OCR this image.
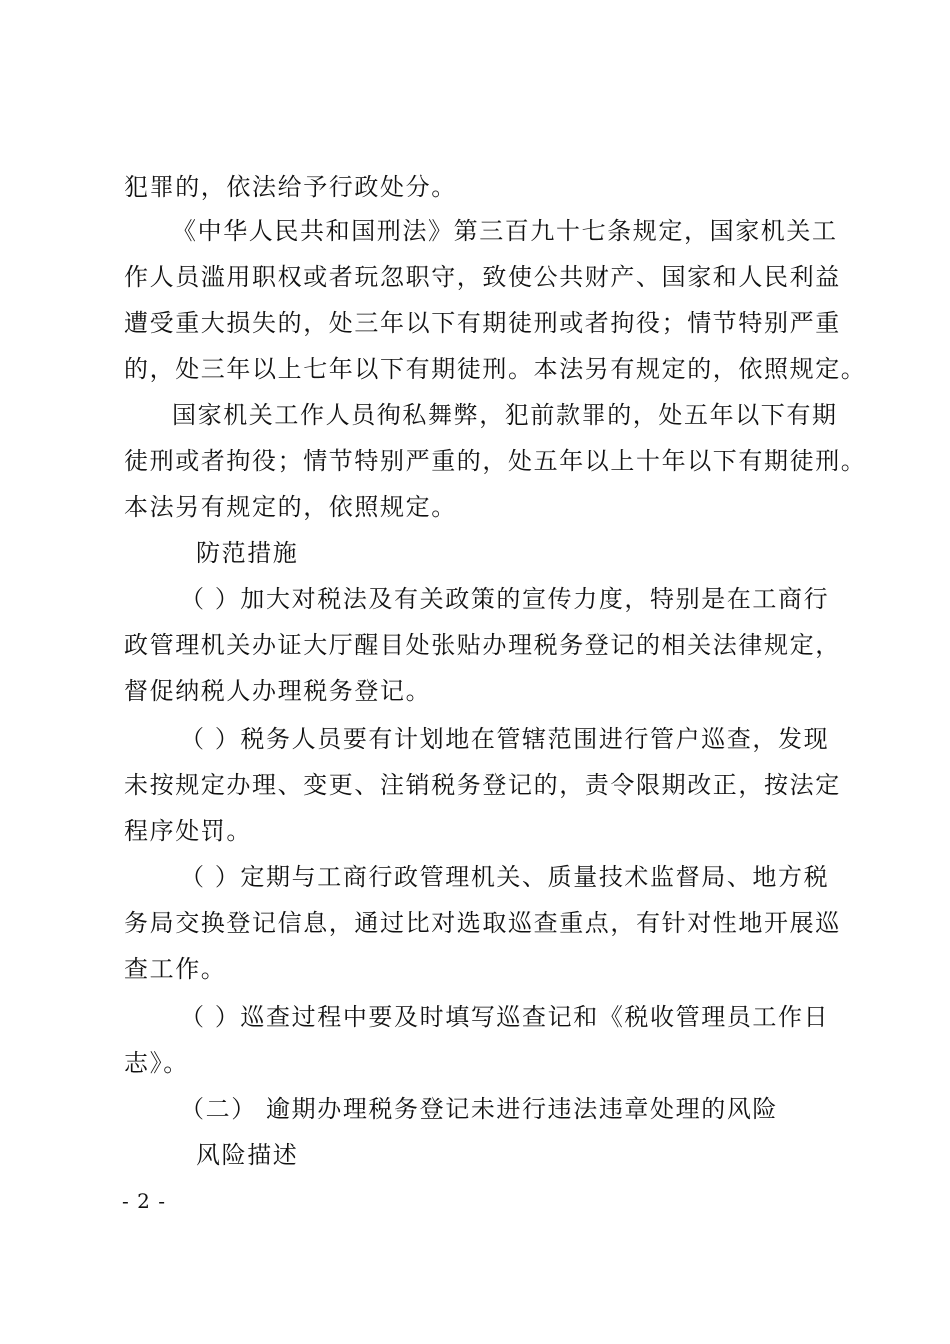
犯罪的，依法给予行政处分。
《中华人民共和国刑法》第三百九十七条规定，国家机关工
作人员滥用职权或者玩忽职守，致使公共财产、国家和人民利益
遭受重大损失的，处三年以下有期徒刑或者拘役；情节特别严重
的，处三年以上七年以下有期徒刑。本法另有规定的，依照规定。
国家机关工作人员徇私舞弊，犯前款罪的，处五年以下有期
徒刑或者拘役；情节特别严重的，处五年以上十年以下有期徒刑。
本法另有规定的，依照规定。
防范措施
（ ）加大对税法及有关政策的宣传力度，特别是在工商行
政管理机关办证大厅醒目处张贴办理税务登记的相关法律规定，
督促纳税人办理税务登记。
（ ）税务人员要有计划地在管辖范围进行管户巡查，发现
未按规定办理、变更、注销税务登记的，责令限期改正，按法定
程序处罚。
（ ）定期与工商行政管理机关、质量技术监督局、地方税
务局交换登记信息，通过比对选取巡查重点，有针对性地开展巡
查工作。
（ ）巡查过程中要及时填写巡查记和《税收管理员工作日
志》。
（二） 逾期办理税务登记未进行违法违章处理的风险
风险描述
- 2 -
